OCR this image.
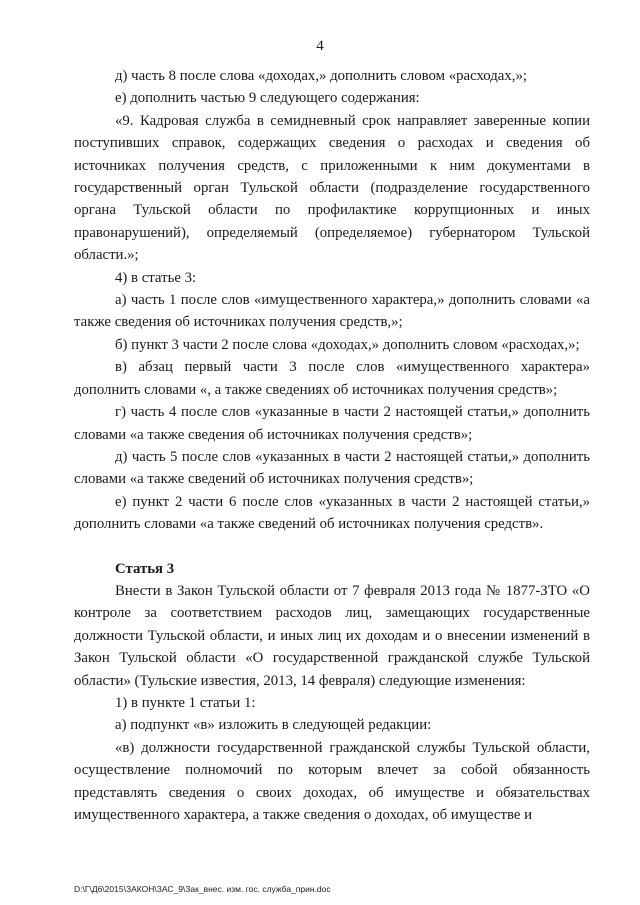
4

д) часть 8 после слова «доходах,» дополнить словом «расходах,»;

е) дополнить частью 9 следующего содержания:

«9. Кадровая служба в семидневный срок направляет заверенные копии поступивших справок, содержащих сведения о расходах и сведения об источниках получения средств, с приложенными к ним документами в государственный орган Тульской области (подразделение государственного органа Тульской области по профилактике коррупционных и иных правонарушений), определяемый (определяемое) губернатором Тульской области.»;

4) в статье 3:

а) часть 1 после слов «имущественного характера,» дополнить словами «а также сведения об источниках получения средств,»;

б) пункт 3 части 2 после слова «доходах,» дополнить словом «расходах,»;

в) абзац первый части 3 после слов «имущественного характера» дополнить словами «, а также сведениях об источниках получения средств»;

г) часть 4 после слов «указанные в части 2 настоящей статьи,» дополнить словами «а также сведения об источниках получения средств»;

д) часть 5 после слов «указанных в части 2 настоящей статьи,» дополнить словами «а также сведений об источниках получения средств»;

е) пункт 2 части 6 после слов «указанных в части 2 настоящей статьи,» дополнить словами «а также сведений об источниках получения средств».

Статья 3

Внести в Закон Тульской области от 7 февраля 2013 года № 1877-ЗТО «О контроле за соответствием расходов лиц, замещающих государственные должности Тульской области, и иных лиц их доходам и о внесении изменений в Закон Тульской области «О государственной гражданской службе Тульской области» (Тульские известия, 2013, 14 февраля) следующие изменения:

1) в пункте 1 статьи 1:

а) подпункт «в» изложить в следующей редакции:

«в) должности государственной гражданской службы Тульской области, осуществление полномочий по которым влечет за собой обязанность представлять сведения о своих доходах, об имуществе и обязательствах имущественного характера, а также сведения о доходах, об имуществе и

D:\Г\Д6\2015\ЗАКОН\ЗАС_9\Зак_внес. изм. гос. служба_прин.doc
